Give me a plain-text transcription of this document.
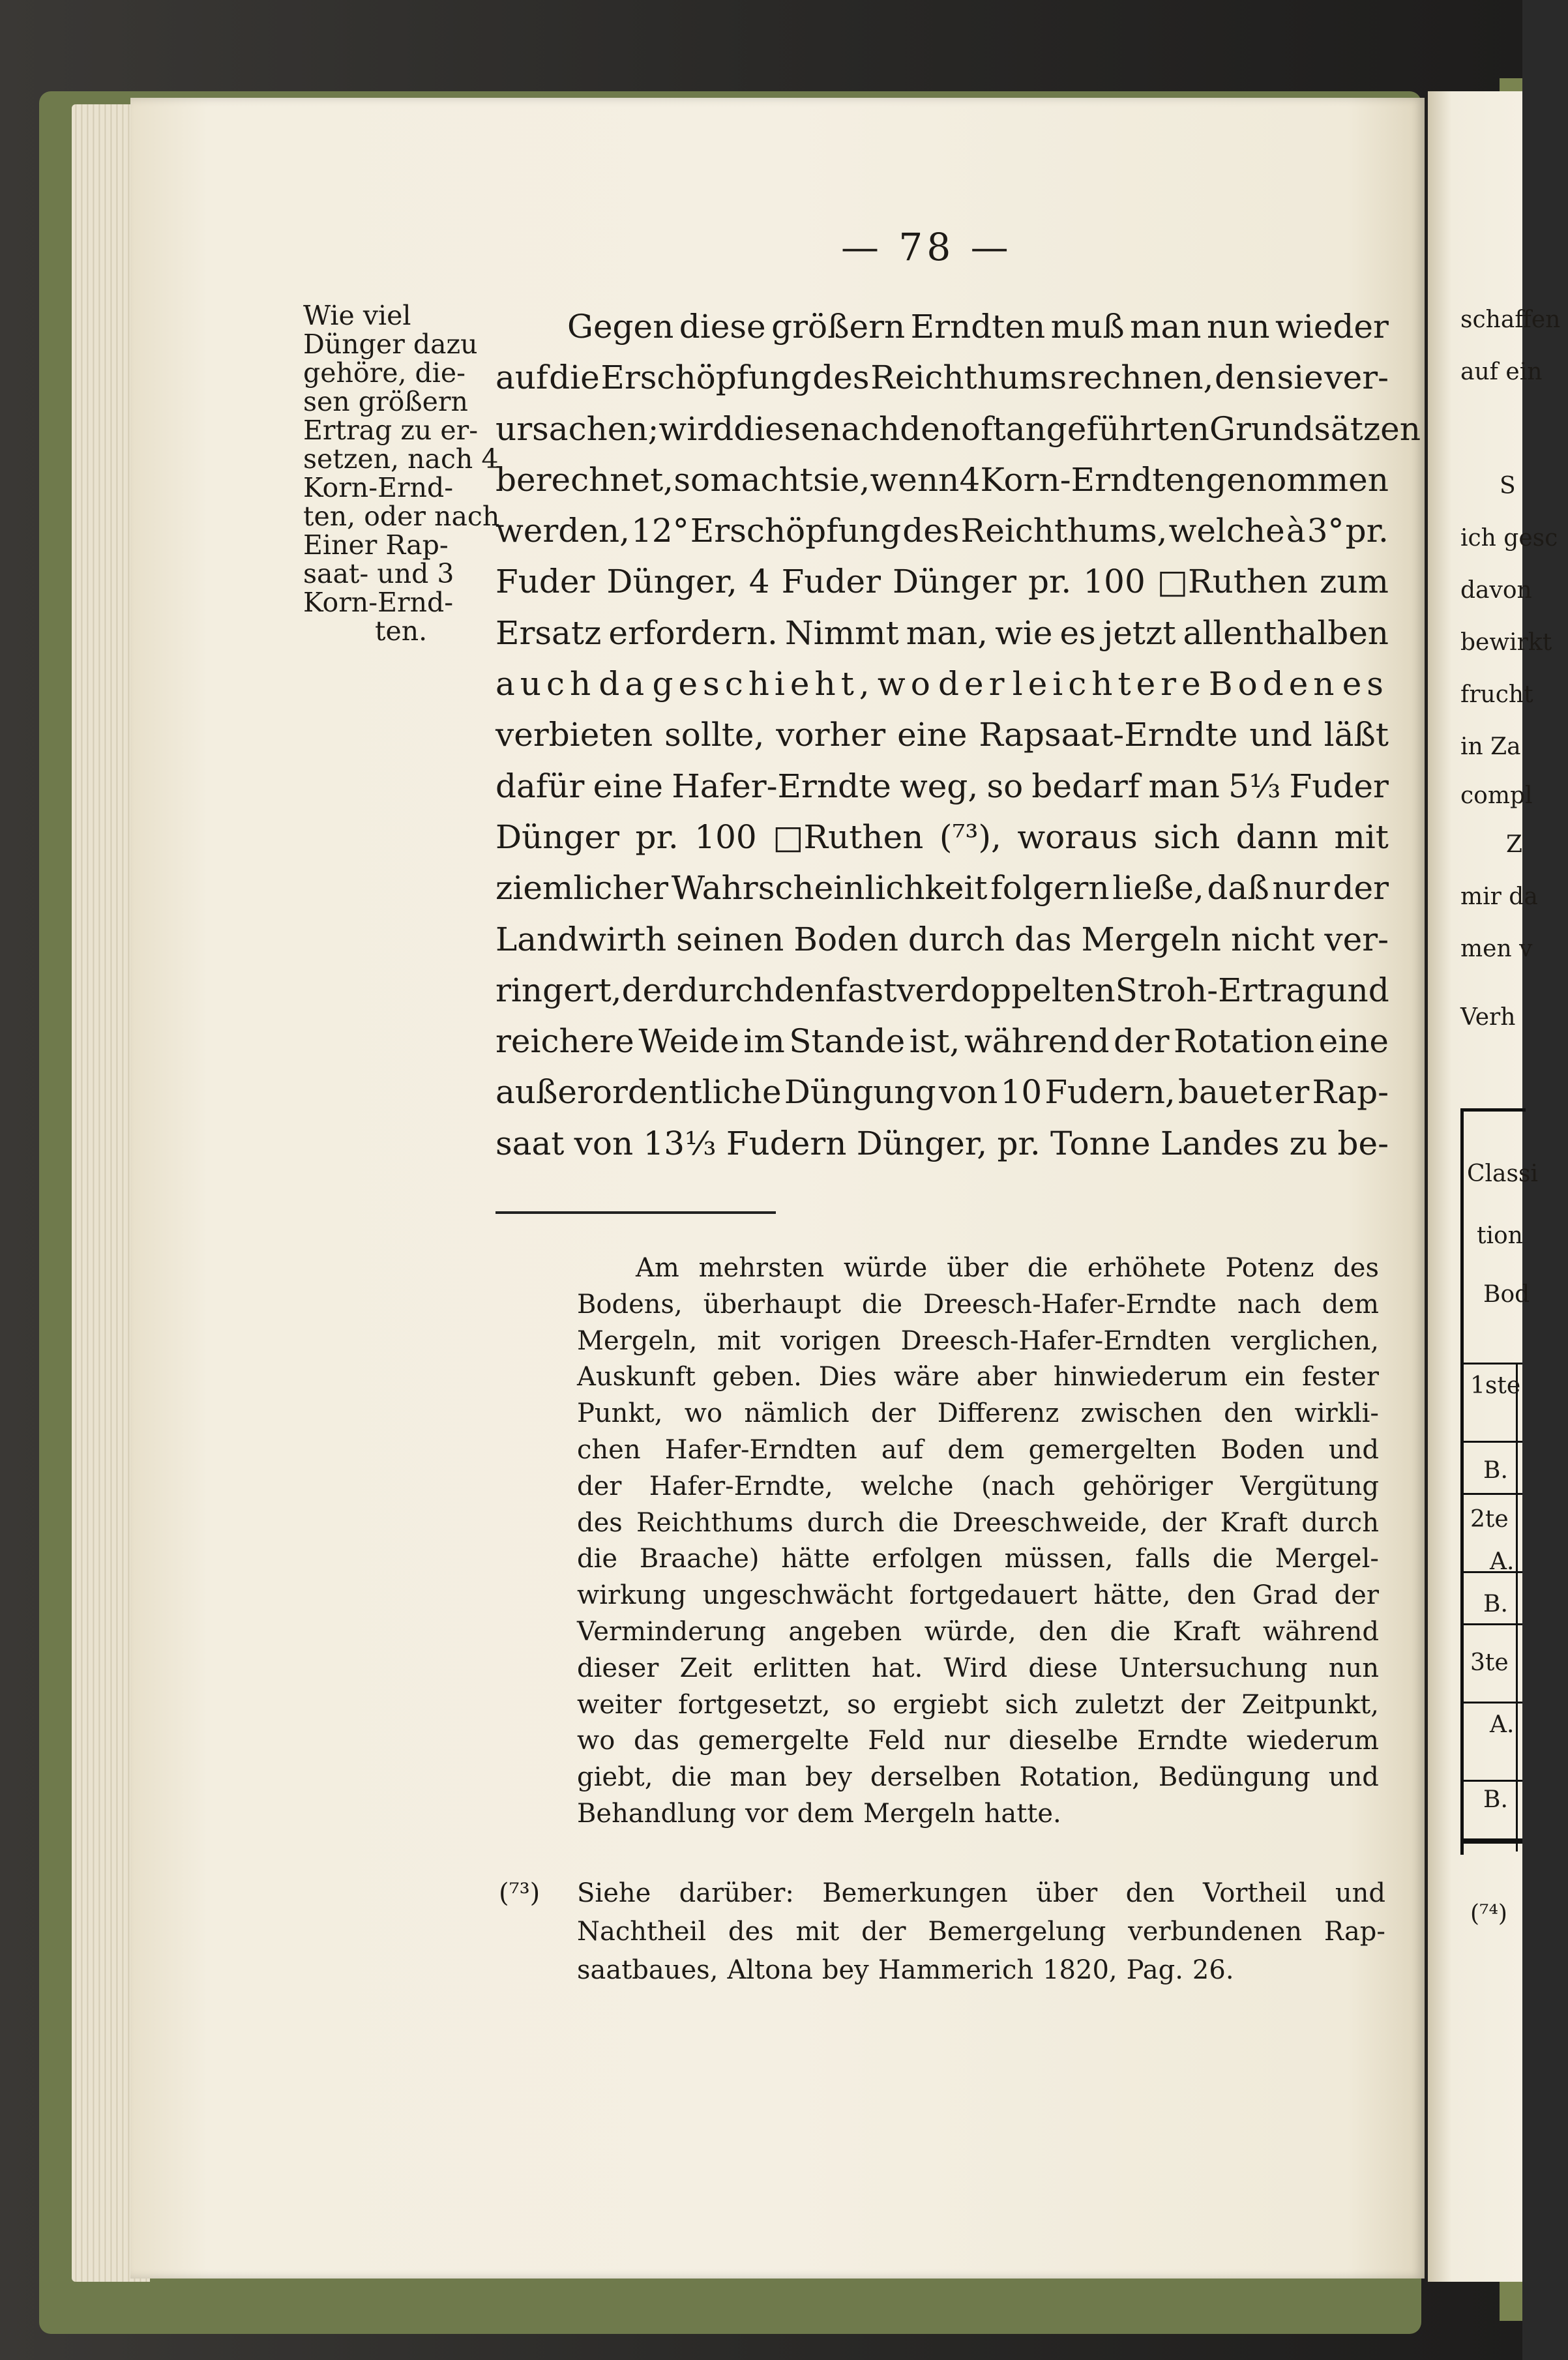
— 78 —
Wie viel
Dünger dazu
gehöre, die-
sen größern
Ertrag zu er-
setzen, nach 4
Korn-Ernd-
ten, oder nach
Einer Rap-
saat- und 3
Korn-Ernd-
ten.
Gegen diese größern Erndten muß man nun wieder
auf die Erschöpfung des Reichthums rechnen, den sie ver-
ursachen; wird diese nach den oft angeführten Grundsätzen
berechnet, so macht sie, wenn 4 Korn-Erndten genommen
werden, 12° Erschöpfung des Reichthums, welche à 3° pr.
Fuder Dünger, 4 Fuder Dünger pr. 100 □Ruthen zum
Ersatz erfordern. Nimmt man, wie es jetzt allenthalben
auch da geschieht, wo der leichtere Boden es
verbieten sollte, vorher eine Rapsaat-Erndte und läßt
dafür eine Hafer-Erndte weg, so bedarf man 5⅓ Fuder
Dünger pr. 100 □Ruthen (⁷³), woraus sich dann mit
ziemlicher Wahrscheinlichkeit folgern ließe, daß nur der
Landwirth seinen Boden durch das Mergeln nicht ver-
ringert, der durch den fast verdoppelten Stroh-Ertrag und
reichere Weide im Stande ist, während der Rotation eine
außerordentliche Düngung von 10 Fudern, bauet er Rap-
saat von 13⅓ Fudern Dünger, pr. Tonne Landes zu be-
Am mehrsten würde über die erhöhete Potenz des
Bodens, überhaupt die Dreesch-Hafer-Erndte nach dem
Mergeln, mit vorigen Dreesch-Hafer-Erndten verglichen,
Auskunft geben. Dies wäre aber hinwiederum ein fester
Punkt, wo nämlich der Differenz zwischen den wirkli-
chen Hafer-Erndten auf dem gemergelten Boden und
der Hafer-Erndte, welche (nach gehöriger Vergütung
des Reichthums durch die Dreeschweide, der Kraft durch
die Braache) hätte erfolgen müssen, falls die Mergel-
wirkung ungeschwächt fortgedauert hätte, den Grad der
Verminderung angeben würde, den die Kraft während
dieser Zeit erlitten hat. Wird diese Untersuchung nun
weiter fortgesetzt, so ergiebt sich zuletzt der Zeitpunkt,
wo das gemergelte Feld nur dieselbe Erndte wiederum
giebt, die man bey derselben Rotation, Bedüngung und
Behandlung vor dem Mergeln hatte.
(⁷³) Siehe darüber: Bemerkungen über den Vortheil und
Nachtheil des mit der Bemergelung verbundenen Rap-
saatbaues, Altona bey Hammerich 1820, Pag. 26.
schaffen
auf ein
S
ich gesc
davon
bewirkt
frucht
in Za
compl
Z
mir da
men v
Verh
Classi
tion
Bod
1ste
B.
2te
A.
B.
3te
A.
B.
(⁷⁴)
